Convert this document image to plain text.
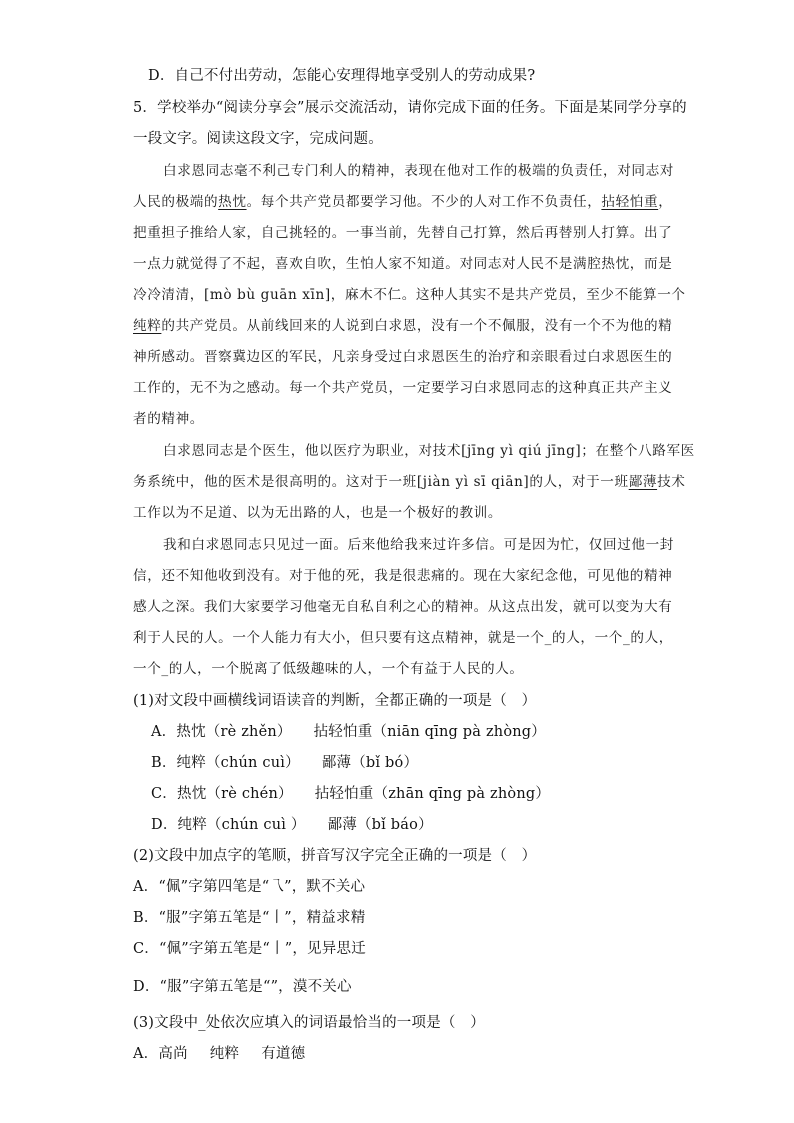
D．自己不付出劳动，怎能心安理得地享受别人的劳动成果?
5．学校举办“阅读分享会”展示交流活动，请你完成下面的任务。下面是某同学分享的
一段文字。阅读这段文字，完成问题。
白求恩同志毫不利己专门利人的精神，表现在他对工作的极端的负责任，对同志对
人民的极端的热忱。每个共产党员都要学习他。不少的人对工作不负责任，拈轻怕重，
把重担子推给人家，自己挑轻的。一事当前，先替自己打算，然后再替别人打算。出了
一点力就觉得了不起，喜欢自吹，生怕人家不知道。对同志对人民不是满腔热忱，而是
冷冷清清，[mò bù guān xīn]，麻木不仁。这种人其实不是共产党员，至少不能算一个
纯粹的共产党员。从前线回来的人说到白求恩，没有一个不佩服，没有一个不为他的精
神所感动。晋察冀边区的军民，凡亲身受过白求恩医生的治疗和亲眼看过白求恩医生的
工作的，无不为之感动。每一个共产党员，一定要学习白求恩同志的这种真正共产主义
者的精神。
白求恩同志是个医生，他以医疗为职业，对技术[jīng yì qiú jīng]；在整个八路军医
务系统中，他的医术是很高明的。这对于一班[jiàn yì sī qiān]的人，对于一班鄙薄技术
工作以为不足道、以为无出路的人，也是一个极好的教训。
我和白求恩同志只见过一面。后来他给我来过许多信。可是因为忙，仅回过他一封
信，还不知他收到没有。对于他的死，我是很悲痛的。现在大家纪念他，可见他的精神
感人之深。我们大家要学习他毫无自私自利之心的精神。从这点出发，就可以变为大有
利于人民的人。一个人能力有大小，但只要有这点精神，就是一个_的人，一个_的人，
一个_的人，一个脱离了低级趣味的人，一个有益于人民的人。
(1)对文段中画横线词语读音的判断，全都正确的一项是（　）
A．热忱（rè zhěn） 拈轻怕重（niān qīng pà zhòng）
B．纯粹（chún cuì） 鄙薄（bǐ bó）
C．热忱（rè chén） 拈轻怕重（zhān qīng pà zhòng）
D．纯粹（chún cuì ） 鄙薄（bǐ báo）
(2)文段中加点字的笔顺，拼音写汉字完全正确的一项是（　）
A．“佩”字第四笔是“乁”，默不关心
B．“服”字第五笔是“丨”，精益求精
C．“佩”字第五笔是“丨”，见异思迁
D．“服”字第五笔是“”，漠不关心
(3)文段中_处依次应填入的词语最恰当的一项是（　）
A．高尚 纯粹 有道德
